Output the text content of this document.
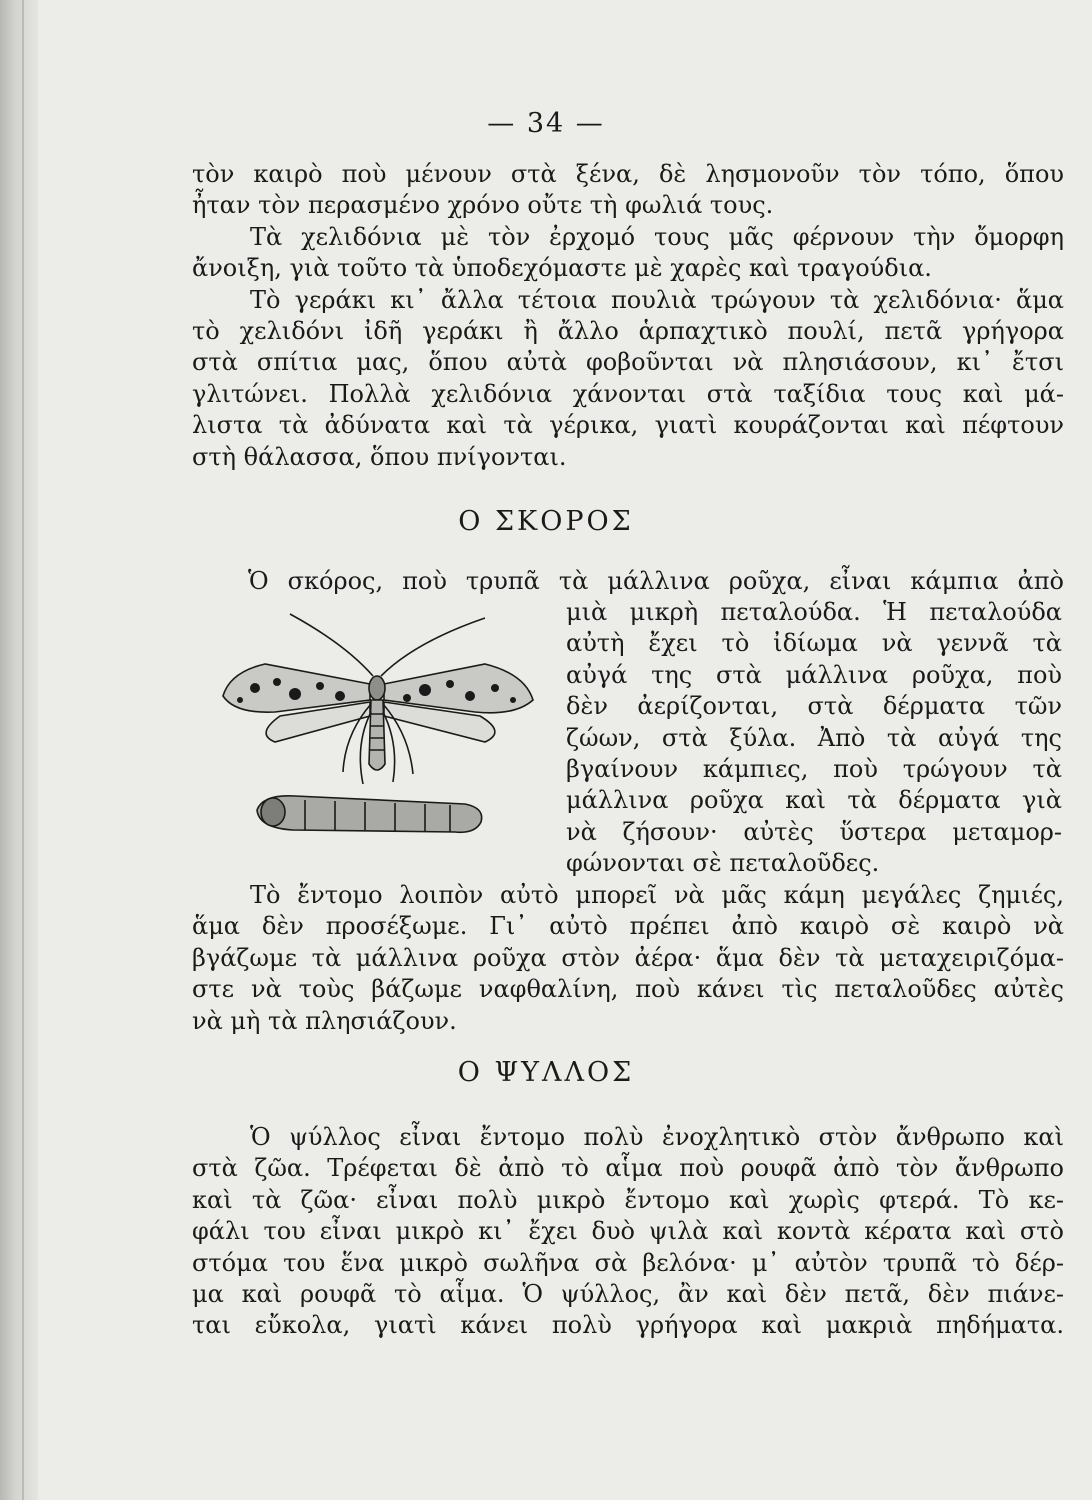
— 34 —
τὸν καιρὸ ποὺ μένουν στὰ ξένα, δὲ λησμονοῦν τὸν τόπο, ὅπου
ἦταν τὸν περασμένο χρόνο οὔτε τὴ φωλιά τους.
Τὰ χελιδόνια μὲ τὸν ἐρχομό τους μᾶς φέρνουν τὴν ὄμορφη
ἄνοιξη, γιὰ τοῦτο τὰ ὑποδεχόμαστε μὲ χαρὲς καὶ τραγούδια.
Τὸ γεράκι κι᾿ ἄλλα τέτοια πουλιὰ τρώγουν τὰ χελιδόνια· ἅμα
τὸ χελιδόνι ἰδῆ γεράκι ἢ ἄλλο ἁρπαχτικὸ πουλί, πετᾶ γρήγορα
στὰ σπίτια μας, ὅπου αὐτὰ φοβοῦνται νὰ πλησιάσουν, κι᾿ ἔτσι
γλιτώνει. Πολλὰ χελιδόνια χάνονται στὰ ταξίδια τους καὶ μά-
λιστα τὰ ἀδύνατα καὶ τὰ γέρικα, γιατὶ κουράζονται καὶ πέφτουν
στὴ θάλασσα, ὅπου πνίγονται.
Ο ΣΚΟΡΟΣ
Ὁ σκόρος, ποὺ τρυπᾶ τὰ μάλλινα ροῦχα, εἶναι κάμπια ἀπὸ
μιὰ μικρὴ πεταλούδα. Ἡ πεταλούδα
αὐτὴ ἔχει τὸ ἰδίωμα νὰ γεννᾶ τὰ
αὐγά της στὰ μάλλινα ροῦχα, ποὺ
δὲν ἀερίζονται, στὰ δέρματα τῶν
ζώων, στὰ ξύλα. Ἀπὸ τὰ αὐγά της
βγαίνουν κάμπιες, ποὺ τρώγουν τὰ
μάλλινα ροῦχα καὶ τὰ δέρματα γιὰ
νὰ ζήσουν· αὐτὲς ὕστερα μεταμορ-
φώνονται σὲ πεταλοῦδες.
Τὸ ἔντομο λοιπὸν αὐτὸ μπορεῖ νὰ μᾶς κάμη μεγάλες ζημιές,
ἅμα δὲν προσέξωμε. Γι᾿ αὐτὸ πρέπει ἀπὸ καιρὸ σὲ καιρὸ νὰ
βγάζωμε τὰ μάλλινα ροῦχα στὸν ἀέρα· ἅμα δὲν τὰ μεταχειριζόμα-
στε νὰ τοὺς βάζωμε ναφθαλίνη, ποὺ κάνει τὶς πεταλοῦδες αὐτὲς
νὰ μὴ τὰ πλησιάζουν.
Ο ΨΥΛΛΟΣ
Ὁ ψύλλος εἶναι ἔντομο πολὺ ἐνοχλητικὸ στὸν ἄνθρωπο καὶ
στὰ ζῶα. Τρέφεται δὲ ἀπὸ τὸ αἷμα ποὺ ρουφᾶ ἀπὸ τὸν ἄνθρωπο
καὶ τὰ ζῶα· εἶναι πολὺ μικρὸ ἔντομο καὶ χωρὶς φτερά. Τὸ κε-
φάλι του εἶναι μικρὸ κι᾿ ἔχει δυὸ ψιλὰ καὶ κοντὰ κέρατα καὶ στὸ
στόμα του ἕνα μικρὸ σωλῆνα σὰ βελόνα· μ᾿ αὐτὸν τρυπᾶ τὸ δέρ-
μα καὶ ρουφᾶ τὸ αἷμα. Ὁ ψύλλος, ἂν καὶ δὲν πετᾶ, δὲν πιάνε-
ται εὔκολα, γιατὶ κάνει πολὺ γρήγορα καὶ μακριὰ πηδήματα.
